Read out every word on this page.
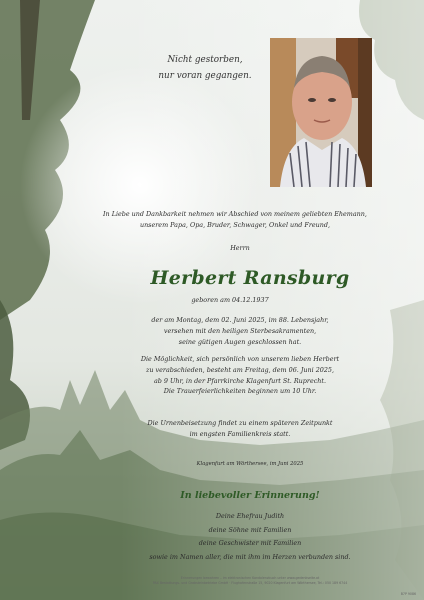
Nicht gestorben,
nur voran gegangen.
In Liebe und Dankbarkeit nehmen wir Abschied von meinem geliebten Ehemann,
unserem Papa, Opa, Bruder, Schwager, Onkel und Freund,
Herrn
Herbert Ransburg
geboren am 04.12.1937
der am Montag, dem 02. Juni 2025, im 88. Lebensjahr,
versehen mit den heiligen Sterbesakramenten,
seine gütigen Augen geschlossen hat.
Die Möglichkeit, sich persönlich von unserem lieben Herbert
zu verabschieden, besteht am Freitag, dem 06. Juni 2025,
ab 9 Uhr, in der Pfarrkirche Klagenfurt St. Ruprecht.
Die Trauerfeierlichkeiten beginnen um 10 Uhr.
Die Urnenbeisetzung findet zu einem späteren Zeitpunkt
im engsten Familienkreis statt.
Klagenfurt am Wörthersee, im Juni 2025
In liebevoller Erinnerung!
Deine Ehefrau Judith
deine Söhne mit Familien
deine Geschwister mit Familien
sowie im Namen aller, die mit ihm im Herzen verbunden sind.
Erinnerungen bewahren – im elektronischen Kondolenzbuch unter www.gedenkseite.at
PAX Bestattungs- und Grabsteinbetriebe GmbH · Flughafenstraße 15, 9020 Klagenfurt am Wörthersee, Tel.: 050 189 6744
B7P 9086
